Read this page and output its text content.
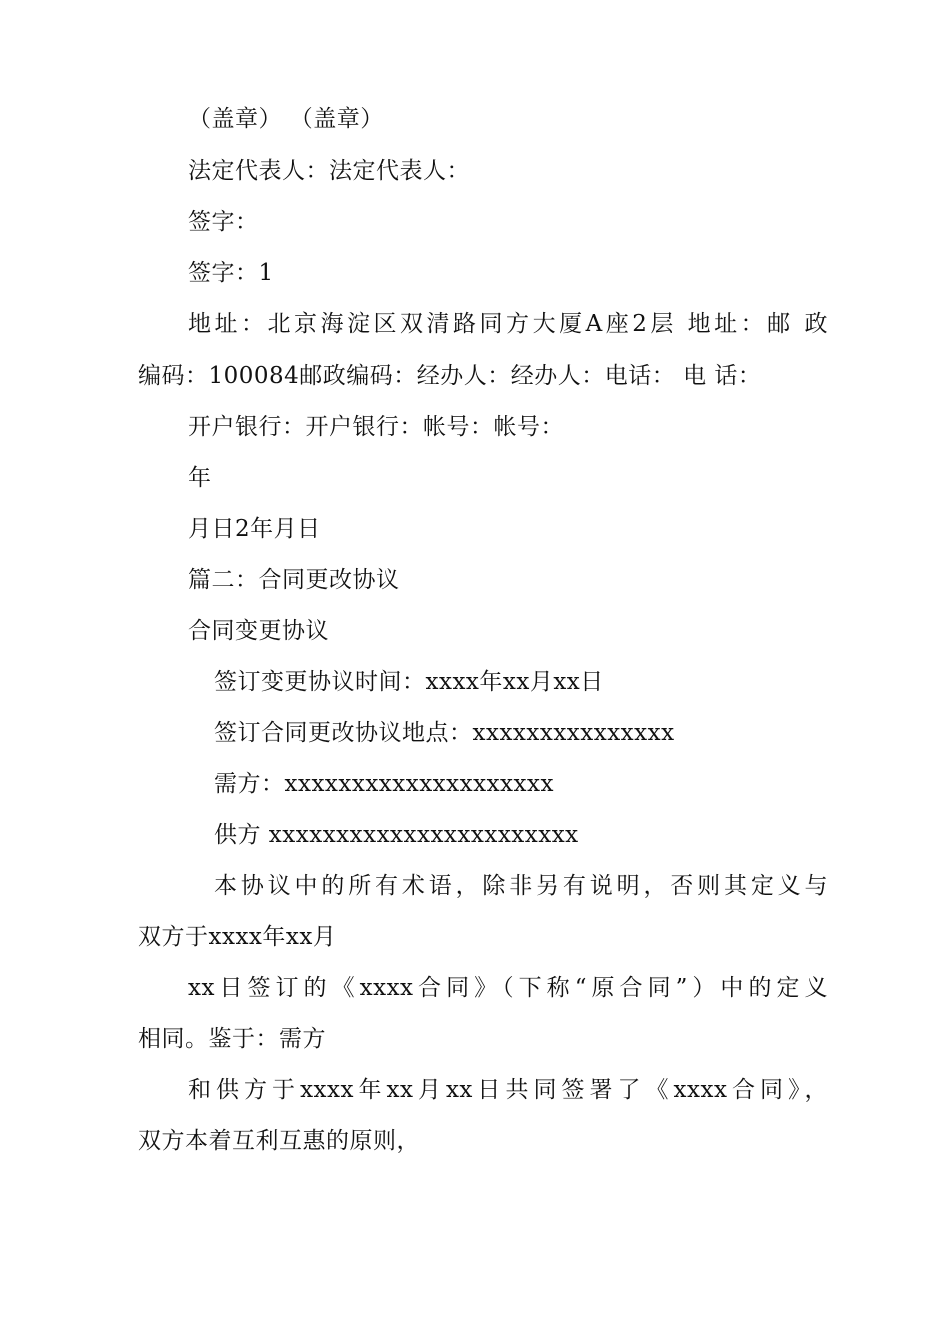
（盖章） （盖章）
法定代表人：法定代表人：
签字：
签字：1
地址：北京海淀区双清路同方大厦A座2层 地址：邮 政
编码：100084邮政编码：经办人：经办人：电话： 电 话：
开户银行：开户银行：帐号：帐号：
年
月日2年月日
篇二：合同更改协议
合同变更协议
签订变更协议时间：xxxx年xx月xx日
签订合同更改协议地点：xxxxxxxxxxxxxxx
需方：xxxxxxxxxxxxxxxxxxxx
供方 xxxxxxxxxxxxxxxxxxxxxxx
本协议中的所有术语，除非另有说明，否则其定义与
双方于xxxx年xx月
xx日签订的《xxxx合同》（下称“原合同”）中的定义
相同。鉴于：需方
和供方于xxxx年xx月xx日共同签署了《xxxx合同》，
双方本着互利互惠的原则，
